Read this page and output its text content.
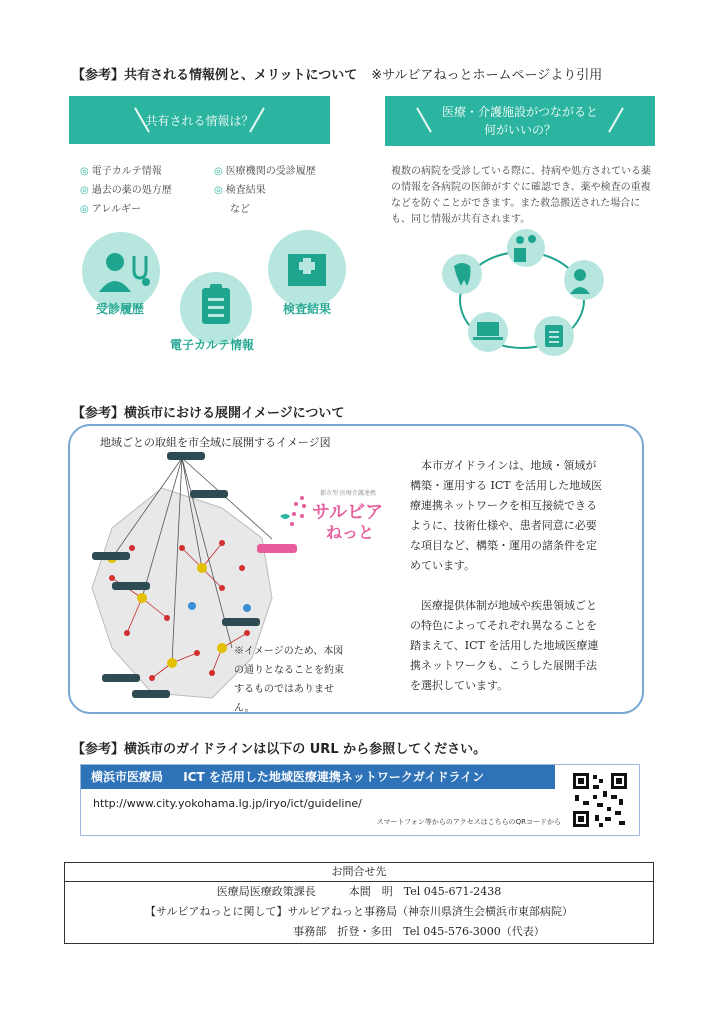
【参考】共有される情報例と、メリットについて ※サルビアねっとホームページより引用
共有される情報は？
医療・介護施設がつながると
何がいいの？
◎ 電子カルテ情報
◎ 過去の薬の処方歴
◎ アレルギー
◎ 医療機関の受診履歴
◎ 検査結果
など
受診履歴
電子カルテ情報
検査結果
複数の病院を受診している際に、持病や処方されている薬の情報を各病院の医師がすぐに確認でき、薬や検査の重複などを防ぐことができます。また救急搬送された場合にも、同じ情報が共有されます。
【参考】横浜市における展開イメージについて
地域ごとの取組を市全域に展開するイメージ図
都市型 医療介護連携
サルビア
ねっと
※イメージのため、本図の通りとなることを約束するものではありません。
本市ガイドラインは、地域・領域が構築・運用する ICT を活用した地域医療連携ネットワークを相互接続できるように、技術仕様や、患者同意に必要な項目など、構築・運用の諸条件を定めています。
医療提供体制が地域や疾患領域ごとの特色によってそれぞれ異なることを踏まえて、ICT を活用した地域医療連携ネットワークも、こうした展開手法を選択しています。
【参考】横浜市のガイドラインは以下の URL から参照してください。
横浜市医療局 ICT を活用した地域医療連携ネットワークガイドライン
http://www.city.yokohama.lg.jp/iryo/ict/guideline/
スマートフォン等からのアクセスはこちらのQRコードから
お問合せ先
医療局医療政策課長　　　本間　明　Tel 045-671-2438
【サルビアねっとに関して】サルビアねっと事務局（神奈川県済生会横浜市東部病院）
事務部　折登・多田　Tel 045-576-3000（代表）
